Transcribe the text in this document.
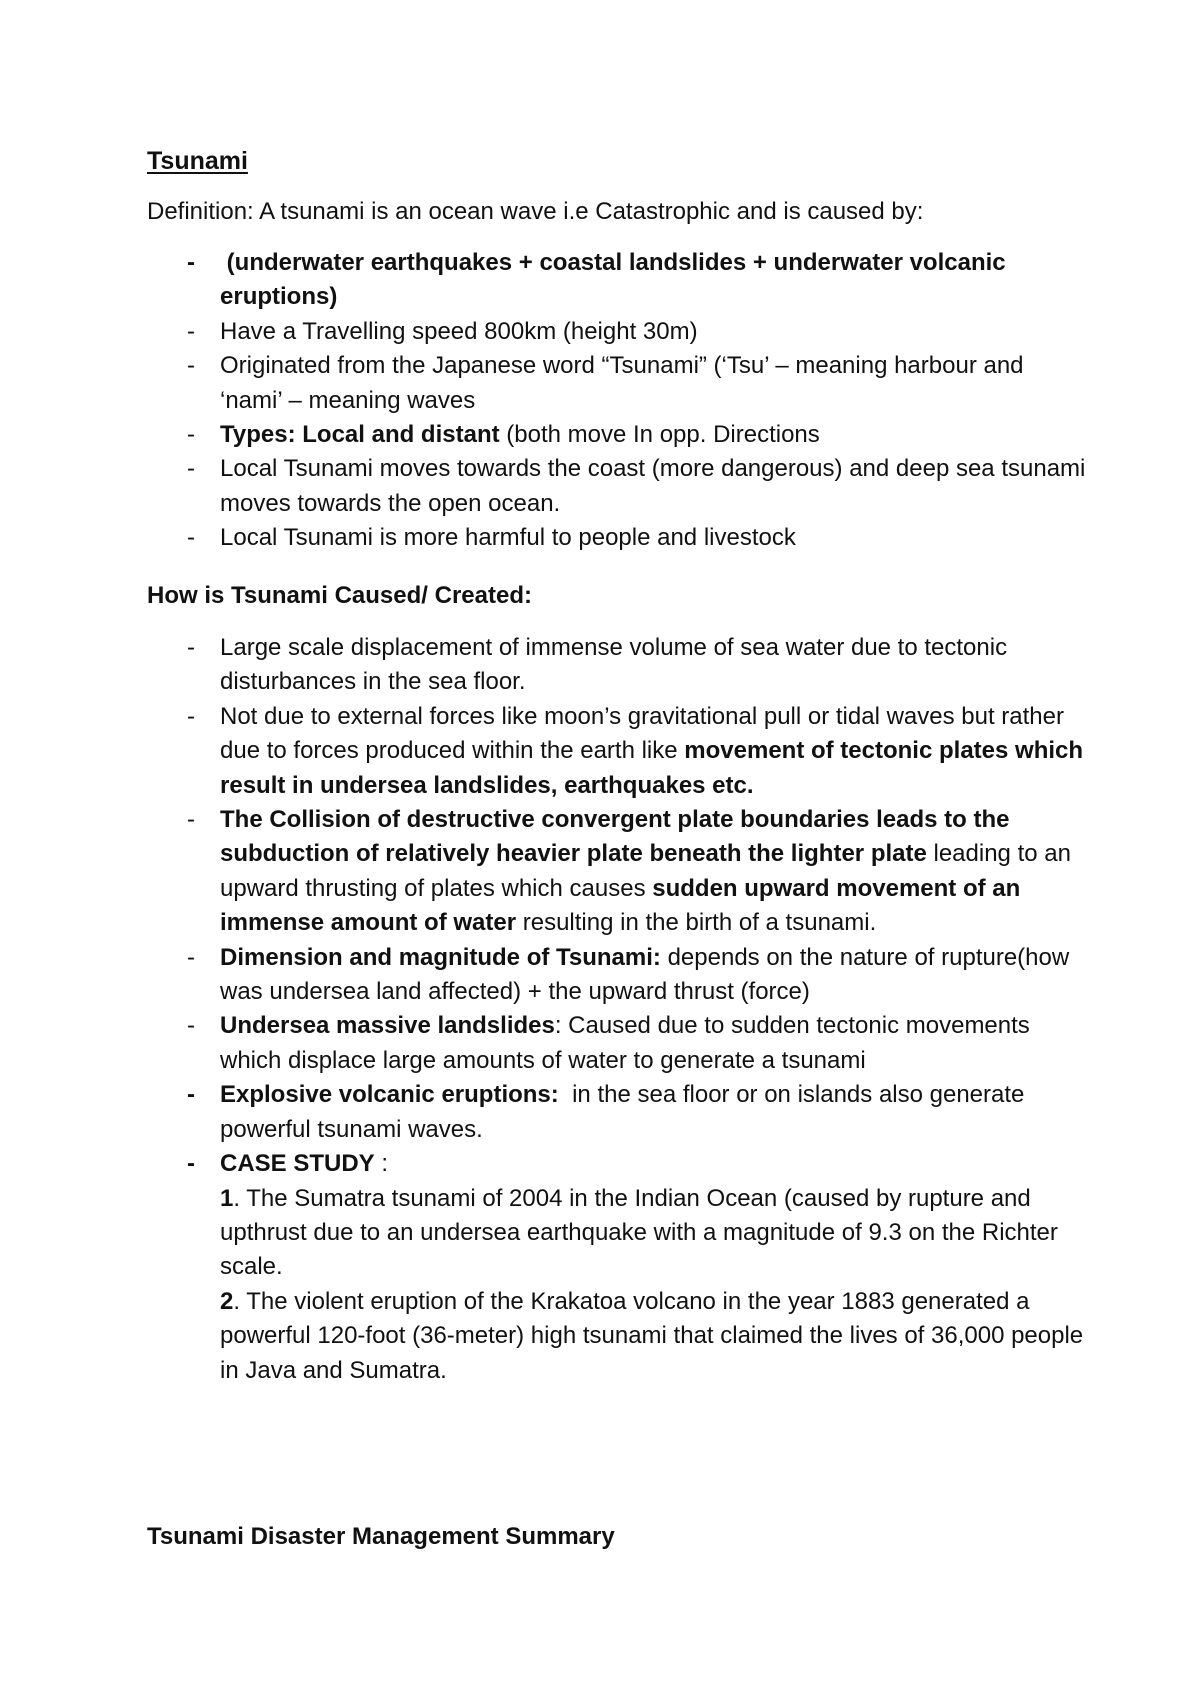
Tsunami

Definition: A tsunami is an ocean wave i.e Catastrophic and is caused by:

-	(underwater earthquakes + coastal landslides + underwater volcanic eruptions)
-	Have a Travelling speed 800km (height 30m)
-	Originated from the Japanese word “Tsunami” (‘Tsu’ – meaning harbour and ‘nami’ – meaning waves
-	Types: Local and distant (both move In opp. Directions
-	Local Tsunami moves towards the coast (more dangerous) and deep sea tsunami moves towards the open ocean.
-	Local Tsunami is more harmful to people and livestock
How is Tsunami Caused/ Created:
-	Large scale displacement of immense volume of sea water due to tectonic disturbances in the sea floor.
-	Not due to external forces like moon’s gravitational pull or tidal waves but rather due to forces produced within the earth like movement of tectonic plates which result in undersea landslides, earthquakes etc.
-	The Collision of destructive convergent plate boundaries leads to the subduction of relatively heavier plate beneath the lighter plate leading to an upward thrusting of plates which causes sudden upward movement of an immense amount of water resulting in the birth of a tsunami.
-	Dimension and magnitude of Tsunami: depends on the nature of rupture(how was undersea land affected) + the upward thrust (force)
-	Undersea massive landslides: Caused due to sudden tectonic movements which displace large amounts of water to generate a tsunami
-	Explosive volcanic eruptions:  in the sea floor or on islands also generate powerful tsunami waves.
-	CASE STUDY :
1. The Sumatra tsunami of 2004 in the Indian Ocean (caused by rupture and upthrust due to an undersea earthquake with a magnitude of 9.3 on the Richter scale.
2. The violent eruption of the Krakatoa volcano in the year 1883 generated a powerful 120-foot (36-meter) high tsunami that claimed the lives of 36,000 people in Java and Sumatra.
Tsunami Disaster Management Summary
